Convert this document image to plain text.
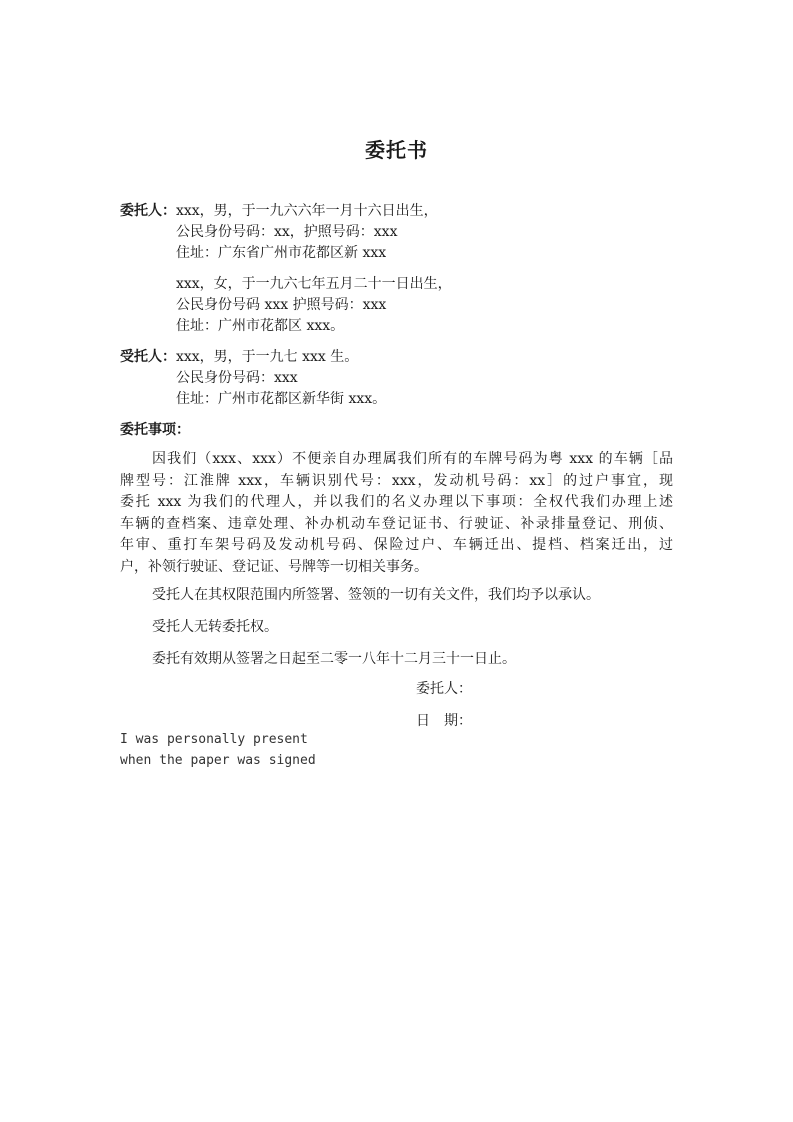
委托书
委托人： xxx，男，于一九六六年一月十六日出生，
公民身份号码：xx，护照号码：xxx
住址：广东省广州市花都区新 xxx
xxx，女，于一九六七年五月二十一日出生，
公民身份号码 xxx 护照号码：xxx
住址：广州市花都区 xxx。
受托人： xxx，男，于一九七 xxx 生。
公民身份号码：xxx
住址：广州市花都区新华街 xxx。
委托事项：
因我们（xxx、xxx）不便亲自办理属我们所有的车牌号码为粤 xxx 的车辆［品
牌型号：江淮牌 xxx，车辆识别代号：xxx，发动机号码：xx］的过户事宜，现
委托 xxx 为我们的代理人，并以我们的名义办理以下事项：全权代我们办理上述
车辆的查档案、违章处理、补办机动车登记证书、行驶证、补录排量登记、刑侦、
年审、重打车架号码及发动机号码、保险过户、车辆迁出、提档、档案迁出，过
户，补领行驶证、登记证、号牌等一切相关事务。
受托人在其权限范围内所签署、签领的一切有关文件，我们均予以承认。
受托人无转委托权。
委托有效期从签署之日起至二零一八年十二月三十一日止。
委托人：
日　期：
I was personally present
when the paper was signed
